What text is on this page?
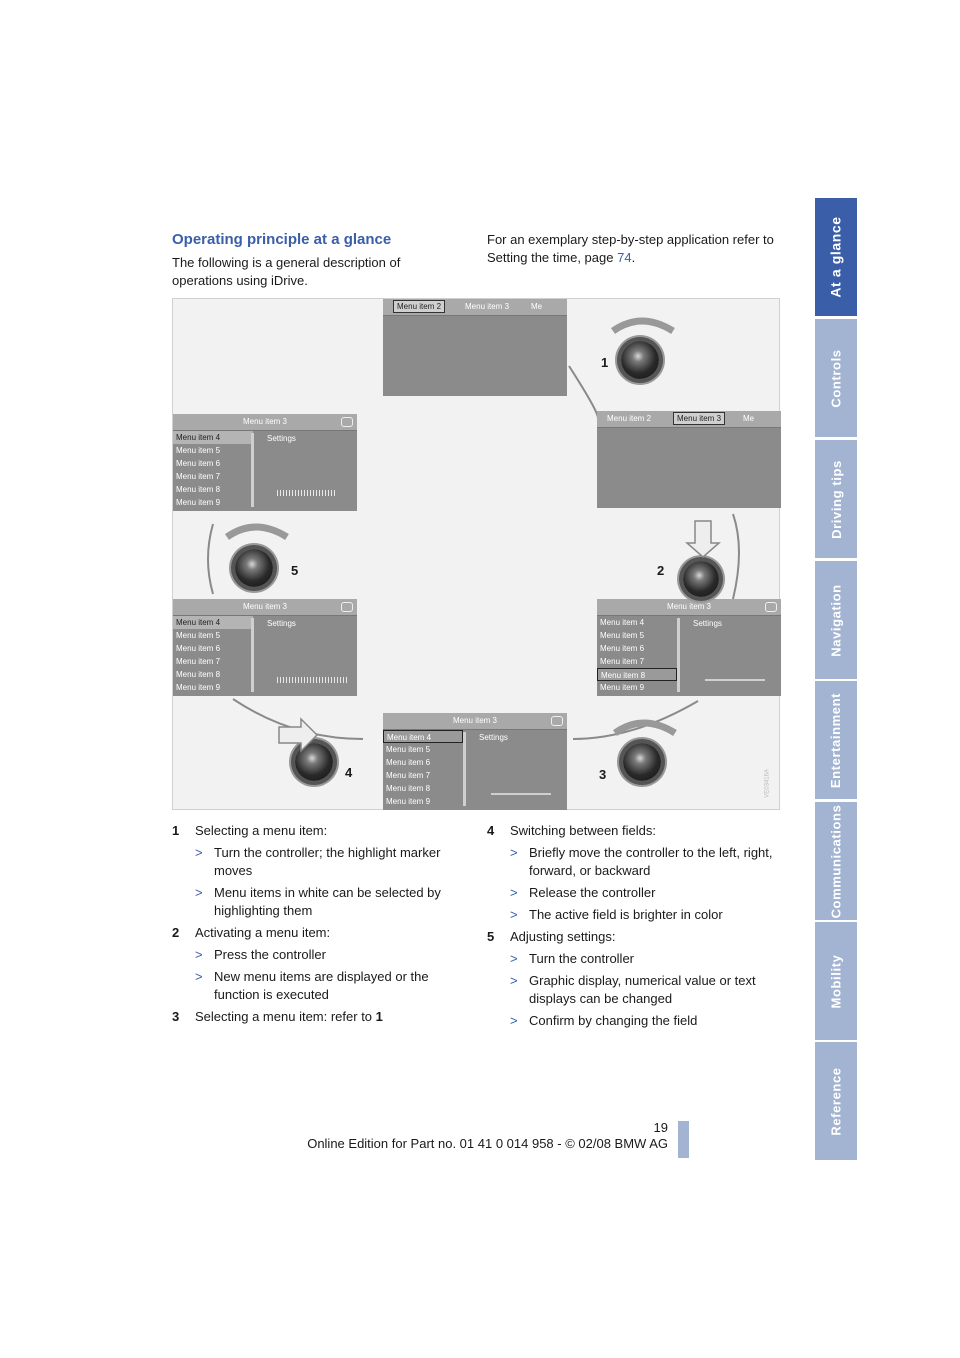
At a glance
Controls
Driving tips
Navigation
Entertainment
Communications
Mobility
Reference
Operating principle at a glance
The following is a general description of operations using iDrive.
For an exemplary step-by-step application refer to Setting the time, page 74.
Menu item 2	Menu item 3	Me
Menu item 2	Menu item 3	Me
Menu item 3
Menu item 4
Menu item 5
Menu item 6
Menu item 7
Menu item 8
Menu item 9
Settings
Menu item 3
Menu item 4
Menu item 5
Menu item 6
Menu item 7
Menu item 8
Menu item 9
Settings
Menu item 3
Menu item 4
Menu item 5
Menu item 6
Menu item 7
Menu item 8
Menu item 9
Settings
Menu item 3
Menu item 4
Menu item 5
Menu item 6
Menu item 7
Menu item 8
Menu item 9
Settings
1
2
3
4
5
VE03416A
1 Selecting a menu item:
> Turn the controller; the highlight marker moves
> Menu items in white can be selected by highlighting them
2 Activating a menu item:
> Press the controller
> New menu items are displayed or the function is executed
3 Selecting a menu item: refer to 1
4 Switching between fields:
> Briefly move the controller to the left, right, forward, or backward
> Release the controller
> The active field is brighter in color
5 Adjusting settings:
> Turn the controller
> Graphic display, numerical value or text displays can be changed
> Confirm by changing the field
19
Online Edition for Part no. 01 41 0 014 958 - © 02/08 BMW AG
